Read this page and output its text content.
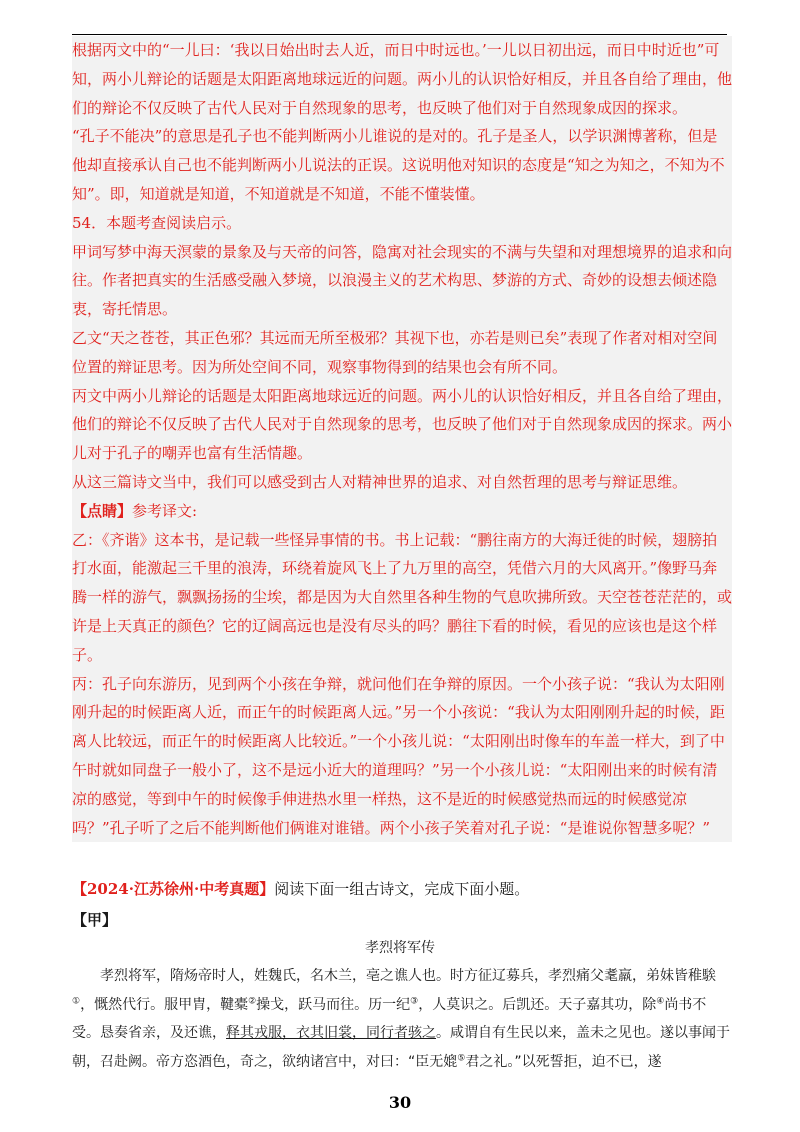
根据丙文中的“一儿曰：‘我以日始出时去人近，而日中时远也。’一儿以日初出远，而日中时近也”可知，两小儿辩论的话题是太阳距离地球远近的问题。两小儿的认识恰好相反，并且各自给了理由，他们的辩论不仅反映了古代人民对于自然现象的思考，也反映了他们对于自然现象成因的探求。

“孔子不能决”的意思是孔子也不能判断两小儿谁说的是对的。孔子是圣人，以学识渊博著称，但是他却直接承认自己也不能判断两小儿说法的正误。这说明他对知识的态度是“知之为知之，不知为不知”。即，知道就是知道，不知道就是不知道，不能不懂装懂。

54．本题考查阅读启示。

甲词写梦中海天溟蒙的景象及与天帝的问答，隐寓对社会现实的不满与失望和对理想境界的追求和向往。作者把真实的生活感受融入梦境，以浪漫主义的艺术构思、梦游的方式、奇妙的设想去倾述隐衷，寄托情思。

乙文“天之苍苍，其正色邪？其远而无所至极邪？其视下也，亦若是则已矣”表现了作者对相对空间位置的辩证思考。因为所处空间不同，观察事物得到的结果也会有所不同。

丙文中两小儿辩论的话题是太阳距离地球远近的问题。两小儿的认识恰好相反，并且各自给了理由，他们的辩论不仅反映了古代人民对于自然现象的思考，也反映了他们对于自然现象成因的探求。两小儿对于孔子的嘲弄也富有生活情趣。

从这三篇诗文当中，我们可以感受到古人对精神世界的追求、对自然哲理的思考与辩证思维。

【点睛】参考译文:

乙：《齐谐》这本书，是记载一些怪异事情的书。书上记载：“鹏往南方的大海迁徙的时候，翅膀拍打水面，能激起三千里的浪涛，环绕着旋风飞上了九万里的高空，凭借六月的大风离开。”像野马奔腾一样的游气，飘飘扬扬的尘埃，都是因为大自然里各种生物的气息吹拂所致。天空苍苍茫茫的，或许是上天真正的颜色？它的辽阔高远也是没有尽头的吗？鹏往下看的时候，看见的应该也是这个样子。

丙：孔子向东游历，见到两个小孩在争辩，就问他们在争辩的原因。一个小孩子说：“我认为太阳刚刚升起的时候距离人近，而正午的时候距离人远。”另一个小孩说：“我认为太阳刚刚升起的时候，距离人比较远，而正午的时候距离人比较近。”一个小孩儿说：“太阳刚出时像车的车盖一样大，到了中午时就如同盘子一般小了，这不是远小近大的道理吗？”另一个小孩儿说：“太阳刚出来的时候有清凉的感觉，等到中午的时候像手伸进热水里一样热，这不是近的时候感觉热而远的时候感觉凉吗？”孔子听了之后不能判断他们俩谁对谁错。两个小孩子笑着对孔子说：“是谁说你智慧多呢？”

【2024·江苏徐州·中考真题】阅读下面一组古诗文，完成下面小题。
【甲】
孝烈将军传

孝烈将军，隋炀帝时人，姓魏氏，名木兰，亳之谯人也。时方征辽募兵，孝烈痛父耄羸，弟妹皆稚騃①，慨然代行。服甲胄，鞬橐②操戈，跃马而往。历一纪③，人莫识之。后凯还。天子嘉其功，除④尚书不受。恳奏省亲，及还谯，释其戎服，衣其旧裳，同行者骇之。咸谓自有生民以来，盖未之见也。遂以事闻于朝，召赴阙。帝方恣酒色，奇之，欲纳诸宫中，对曰：“臣无媲⑤君之礼。”以死誓拒，迫不已，遂

30
